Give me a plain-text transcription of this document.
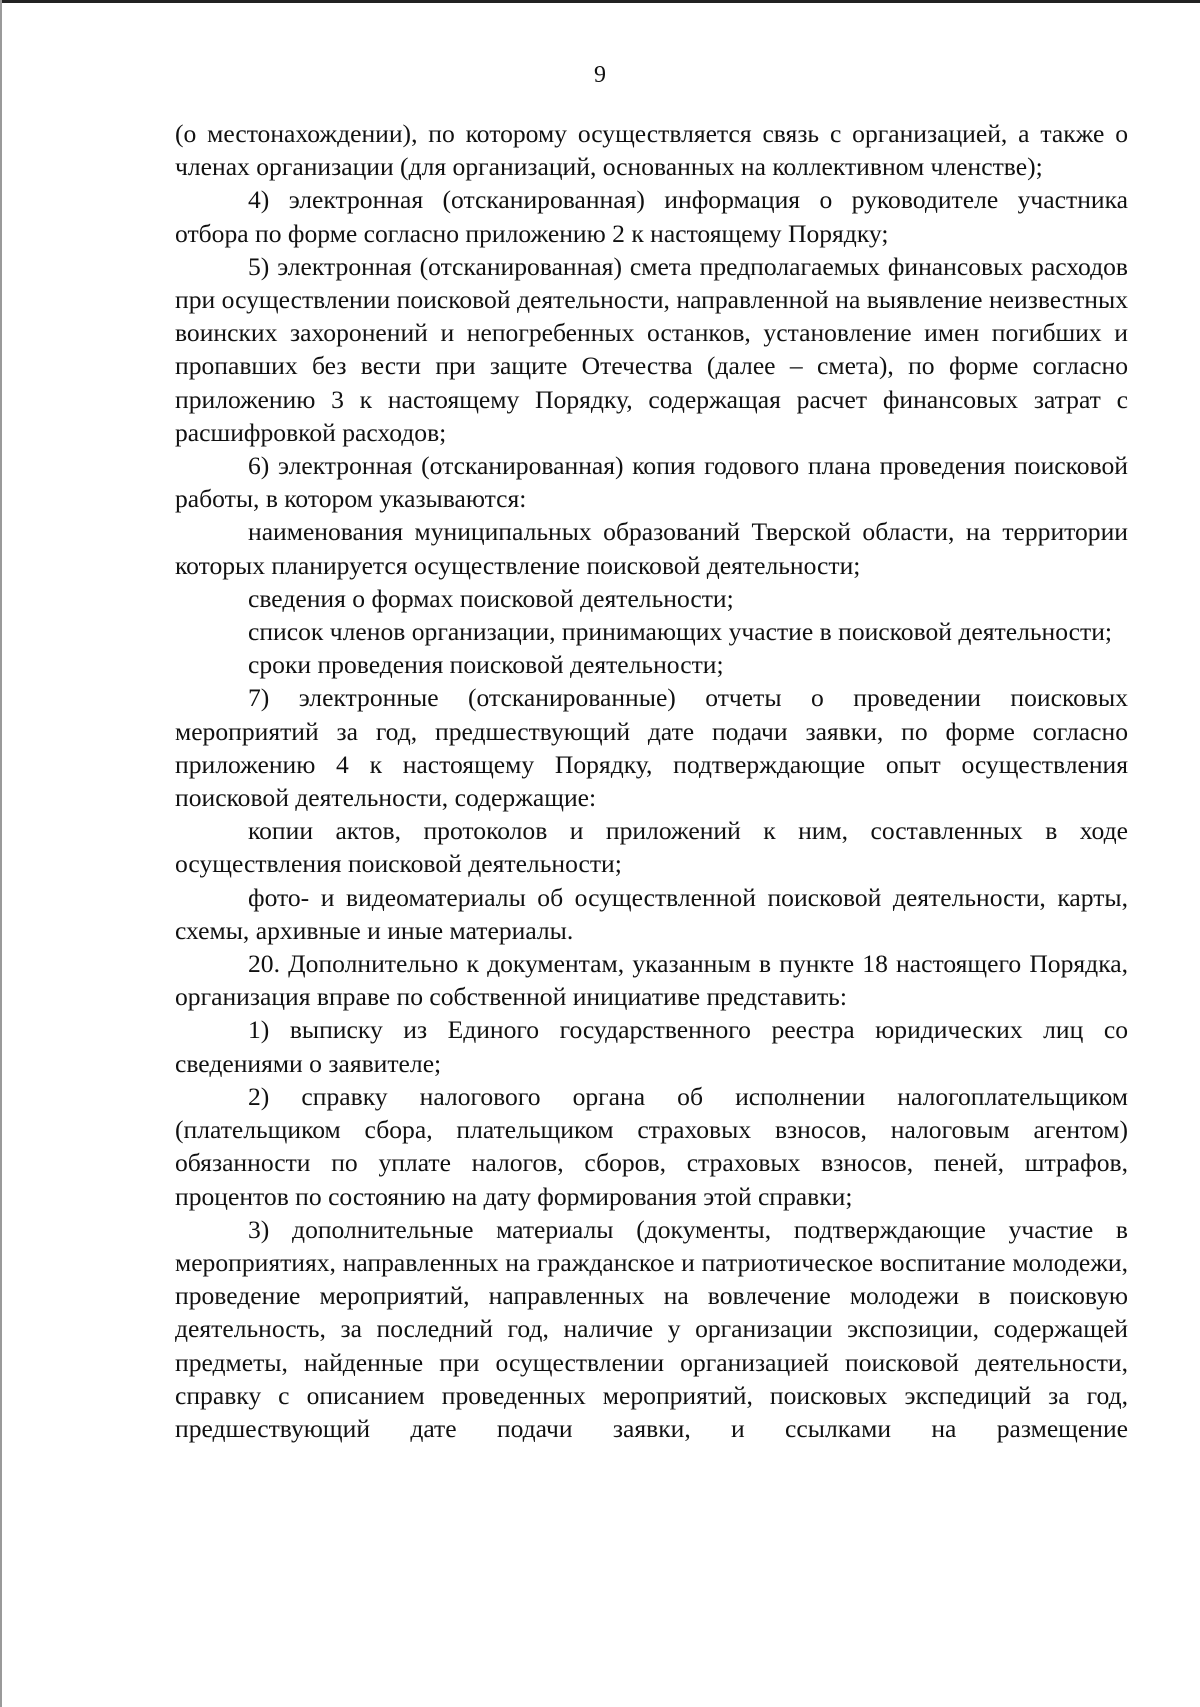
9

(о местонахождении), по которому осуществляется связь с организацией, а также о членах организации (для организаций, основанных на коллективном членстве);

4) электронная (отсканированная) информация о руководителе участника отбора по форме согласно приложению 2 к настоящему Порядку;

5) электронная (отсканированная) смета предполагаемых финансовых расходов при осуществлении поисковой деятельности, направленной на выявление неизвестных воинских захоронений и непогребенных останков, установление имен погибших и пропавших без вести при защите Отечества (далее – смета), по форме согласно приложению 3 к настоящему Порядку, содержащая расчет финансовых затрат с расшифровкой расходов;

6) электронная (отсканированная) копия годового плана проведения поисковой работы, в котором указываются:

наименования муниципальных образований Тверской области, на территории которых планируется осуществление поисковой деятельности;

сведения о формах поисковой деятельности;

список членов организации, принимающих участие в поисковой деятельности;

сроки проведения поисковой деятельности;

7) электронные (отсканированные) отчеты о проведении поисковых мероприятий за год, предшествующий дате подачи заявки, по форме согласно приложению 4 к настоящему Порядку, подтверждающие опыт осуществления поисковой деятельности, содержащие:

копии актов, протоколов и приложений к ним, составленных в ходе осуществления поисковой деятельности;

фото- и видеоматериалы об осуществленной поисковой деятельности, карты, схемы, архивные и иные материалы.

20. Дополнительно к документам, указанным в пункте 18 настоящего Порядка, организация вправе по собственной инициативе представить:

1) выписку из Единого государственного реестра юридических лиц со сведениями о заявителе;

2) справку налогового органа об исполнении налогоплательщиком (плательщиком сбора, плательщиком страховых взносов, налоговым агентом) обязанности по уплате налогов, сборов, страховых взносов, пеней, штрафов, процентов по состоянию на дату формирования этой справки;

3) дополнительные материалы (документы, подтверждающие участие в мероприятиях, направленных на гражданское и патриотическое воспитание молодежи, проведение мероприятий, направленных на вовлечение молодежи в поисковую деятельность, за последний год, наличие у организации экспозиции, содержащей предметы, найденные при осуществлении организацией поисковой деятельности, справку с описанием проведенных мероприятий, поисковых экспедиций за год, предшествующий дате подачи заявки, и ссылками на размещение
